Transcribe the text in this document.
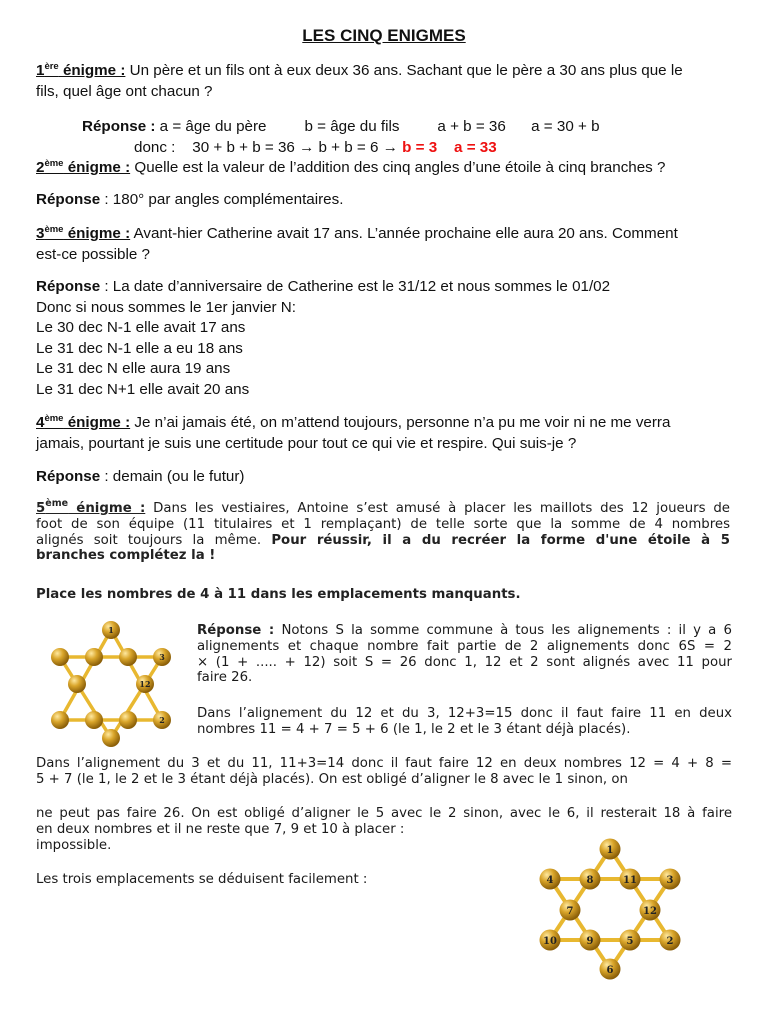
LES CINQ ENIGMES
1ère énigme : Un père et un fils ont à eux deux 36 ans. Sachant que le père a 30 ans plus que le
fils, quel âge ont chacun ?
Réponse : a = âge du père         b = âge du fils         a + b = 36      a = 30 + b
donc :    30 + b + b = 36 → b + b = 6 → b = 3 a = 33
2ème énigme : Quelle est la valeur de l’addition des cinq angles d’une étoile à cinq branches ?
Réponse : 180° par angles complémentaires.
3ème énigme : Avant-hier Catherine avait 17 ans. L’année prochaine elle aura 20 ans. Comment
est-ce possible ?
Réponse : La date d’anniversaire de Catherine est le 31/12 et nous sommes le 01/02
Donc si nous sommes le 1er janvier N:
Le 30 dec N-1 elle avait 17 ans
Le 31 dec N-1 elle a eu 18 ans
Le 31 dec N elle aura 19 ans
Le 31 dec N+1 elle avait 20 ans
4ème énigme : Je n’ai jamais été, on m’attend toujours, personne n’a pu me voir ni ne me verra
jamais, pourtant je suis une certitude pour tout ce qui vie et respire. Qui suis-je ?
Réponse : demain (ou le futur)
5ème énigme : Dans les vestiaires, Antoine s’est amusé à placer les maillots des 12 joueurs de
foot de son équipe (11 titulaires et 1 remplaçant) de telle sorte que la somme de 4 nombres
alignés soit toujours la même. Pour réussir, il a du recréer la forme d'une étoile à 5
branches complétez la !
Place les nombres de 4 à 11 dans les emplacements manquants.
1
3
12
2
Réponse : Notons S la somme commune à tous les alignements : il y a 6
alignements et chaque nombre fait partie de 2 alignements donc 6S = 2
× (1 + ..... + 12) soit S = 26 donc 1, 12 et 2 sont alignés avec 11 pour
faire 26.
Dans l’alignement du 12 et du 3, 12+3=15 donc il faut faire 11 en deux
nombres 11 = 4 + 7 = 5 + 6 (le 1, le 2 et le 3 étant déjà placés).
Dans l’alignement du 3 et du 11, 11+3=14 donc il faut faire 12 en deux nombres 12 = 4 + 8 =
5 + 7 (le 1, le 2 et le 3 étant déjà placés). On est obligé d’aligner le 8 avec le 1 sinon, on
ne peut pas faire 26. On est obligé d’aligner le 5 avec le 2 sinon, avec le 6, il resterait 18 à faire
en deux nombres et il ne reste que 7, 9 et 10 à placer :
impossible.
Les trois emplacements se déduisent facilement :
1
4	8	11	3
7	12
10	9	5	2
6
